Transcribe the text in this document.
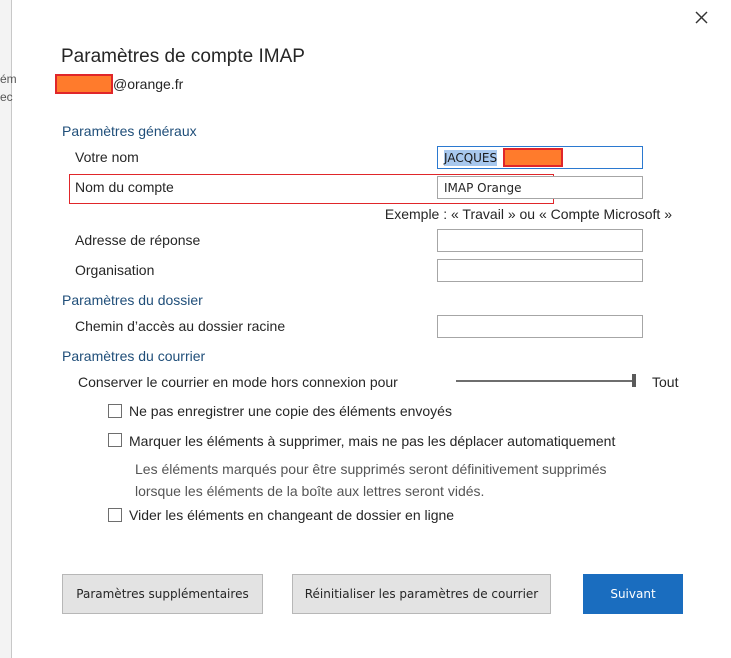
ém
ec
Paramètres de compte IMAP
@orange.fr
Paramètres généraux
Votre nom	JACQUES
Nom du compte	IMAP Orange
Exemple : « Travail » ou « Compte Microsoft »
Adresse de réponse
Organisation
Paramètres du dossier
Chemin d’accès au dossier racine
Paramètres du courrier
Conserver le courrier en mode hors connexion pour	Tout
Ne pas enregistrer une copie des éléments envoyés
Marquer les éléments à supprimer, mais ne pas les déplacer automatiquement
Les éléments marqués pour être supprimés seront définitivement supprimés lorsque les éléments de la boîte aux lettres seront vidés.
Vider les éléments en changeant de dossier en ligne
Paramètres supplémentaires	Réinitialiser les paramètres de courrier	Suivant
